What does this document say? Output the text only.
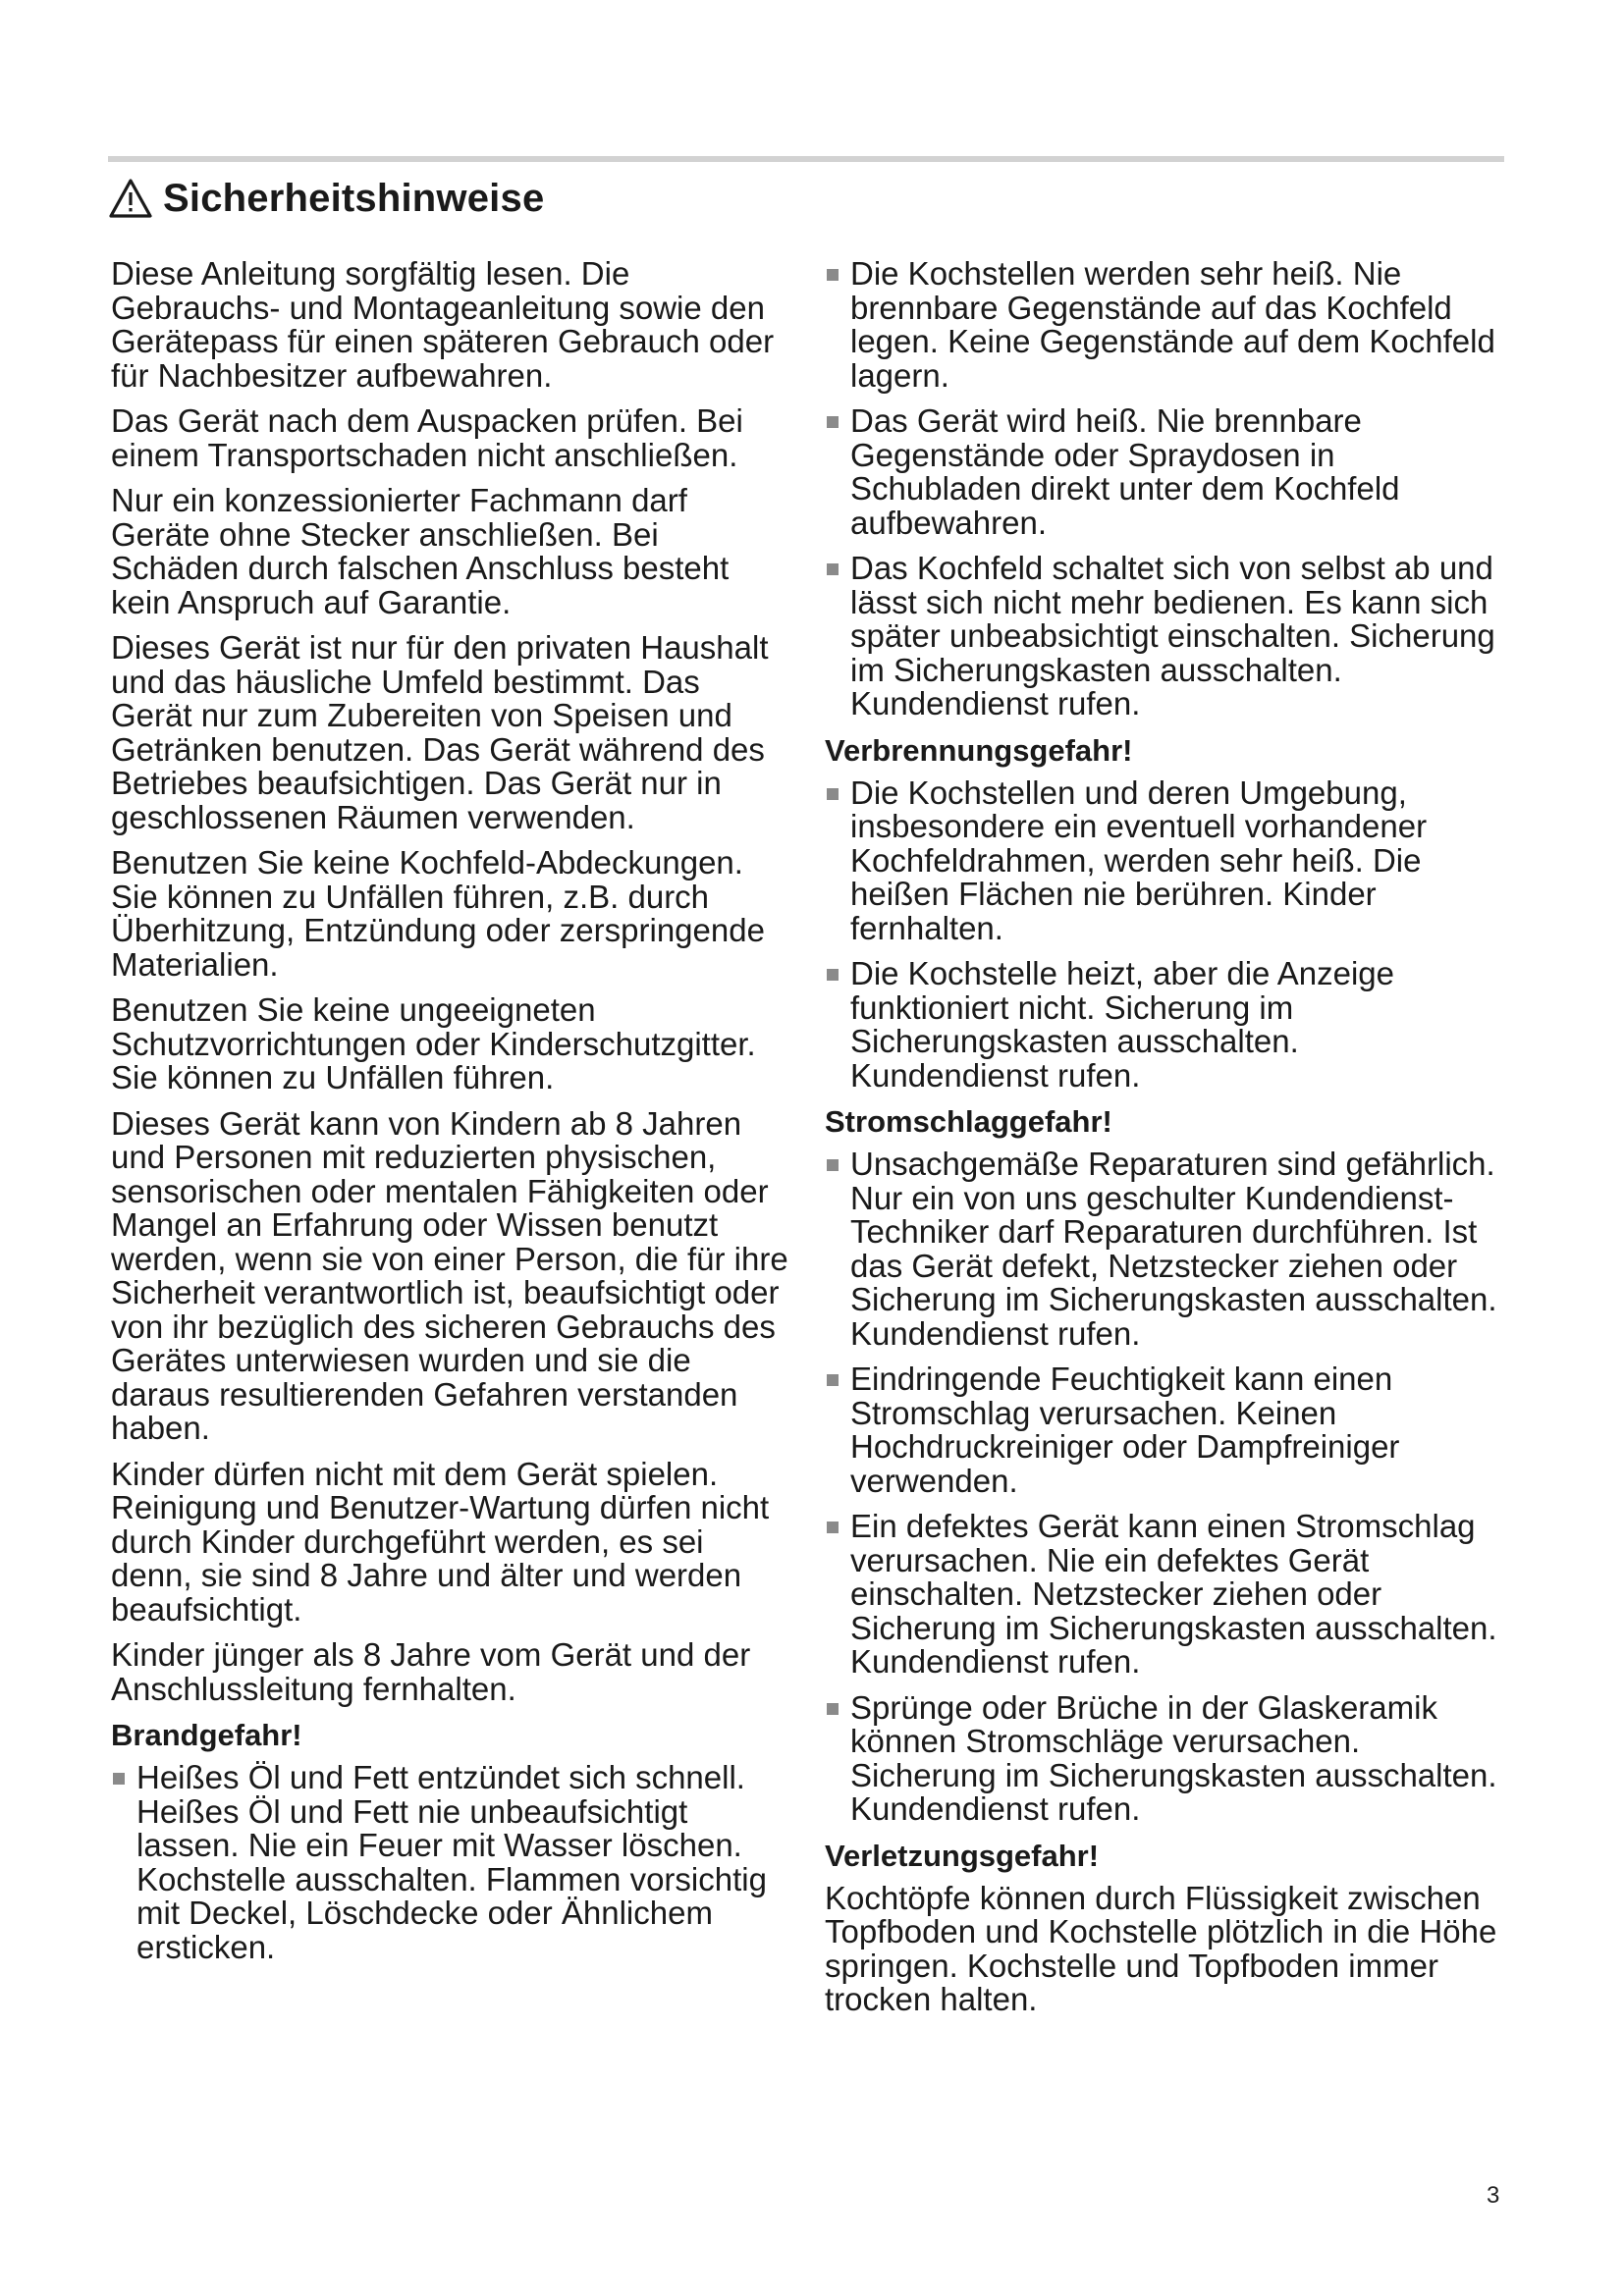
Sicherheitshinweise

Diese Anleitung sorgfältig lesen. Die Gebrauchs- und Montageanleitung sowie den Gerätepass für einen späteren Gebrauch oder für Nachbesitzer aufbewahren.

Das Gerät nach dem Auspacken prüfen. Bei einem Transportschaden nicht anschließen.

Nur ein konzessionierter Fachmann darf Geräte ohne Stecker anschließen. Bei Schäden durch falschen Anschluss besteht kein Anspruch auf Garantie.

Dieses Gerät ist nur für den privaten Haushalt und das häusliche Umfeld bestimmt. Das Gerät nur zum Zubereiten von Speisen und Getränken benutzen. Das Gerät während des Betriebes beaufsichtigen. Das Gerät nur in geschlossenen Räumen verwenden.

Benutzen Sie keine Kochfeld-Abdeckungen. Sie können zu Unfällen führen, z.B. durch Überhitzung, Entzündung oder zerspringende Materialien.

Benutzen Sie keine ungeeigneten Schutzvorrichtungen oder Kinderschutzgitter. Sie können zu Unfällen führen.

Dieses Gerät kann von Kindern ab 8 Jahren und Personen mit reduzierten physischen, sensorischen oder mentalen Fähigkeiten oder Mangel an Erfahrung oder Wissen benutzt werden, wenn sie von einer Person, die für ihre Sicherheit verantwortlich ist, beaufsichtigt oder von ihr bezüglich des sicheren Gebrauchs des Gerätes unterwiesen wurden und sie die daraus resultierenden Gefahren verstanden haben.

Kinder dürfen nicht mit dem Gerät spielen. Reinigung und Benutzer-Wartung dürfen nicht durch Kinder durchgeführt werden, es sei denn, sie sind 8 Jahre und älter und werden beaufsichtigt.

Kinder jünger als 8 Jahre vom Gerät und der Anschlussleitung fernhalten.

Brandgefahr!
Heißes Öl und Fett entzündet sich schnell. Heißes Öl und Fett nie unbeaufsichtigt lassen. Nie ein Feuer mit Wasser löschen. Kochstelle ausschalten. Flammen vorsichtig mit Deckel, Löschdecke oder Ähnlichem ersticken.
Die Kochstellen werden sehr heiß. Nie brennbare Gegenstände auf das Kochfeld legen. Keine Gegenstände auf dem Kochfeld lagern.
Das Gerät wird heiß. Nie brennbare Gegenstände oder Spraydosen in Schubladen direkt unter dem Kochfeld aufbewahren.
Das Kochfeld schaltet sich von selbst ab und lässt sich nicht mehr bedienen. Es kann sich später unbeabsichtigt einschalten. Sicherung im Sicherungskasten ausschalten. Kundendienst rufen.
Verbrennungsgefahr!
Die Kochstellen und deren Umgebung, insbesondere ein eventuell vorhandener Kochfeldrahmen, werden sehr heiß. Die heißen Flächen nie berühren. Kinder fernhalten.
Die Kochstelle heizt, aber die Anzeige funktioniert nicht. Sicherung im Sicherungskasten ausschalten. Kundendienst rufen.
Stromschlaggefahr!
Unsachgemäße Reparaturen sind gefährlich. Nur ein von uns geschulter Kundendienst-Techniker darf Reparaturen durchführen. Ist das Gerät defekt, Netzstecker ziehen oder Sicherung im Sicherungskasten ausschalten. Kundendienst rufen.
Eindringende Feuchtigkeit kann einen Stromschlag verursachen. Keinen Hochdruckreiniger oder Dampfreiniger verwenden.
Ein defektes Gerät kann einen Stromschlag verursachen. Nie ein defektes Gerät einschalten. Netzstecker ziehen oder Sicherung im Sicherungskasten ausschalten. Kundendienst rufen.
Sprünge oder Brüche in der Glaskeramik können Stromschläge verursachen. Sicherung im Sicherungskasten ausschalten. Kundendienst rufen.
Verletzungsgefahr!

Kochtöpfe können durch Flüssigkeit zwischen Topfboden und Kochstelle plötzlich in die Höhe springen. Kochstelle und Topfboden immer trocken halten.

3
